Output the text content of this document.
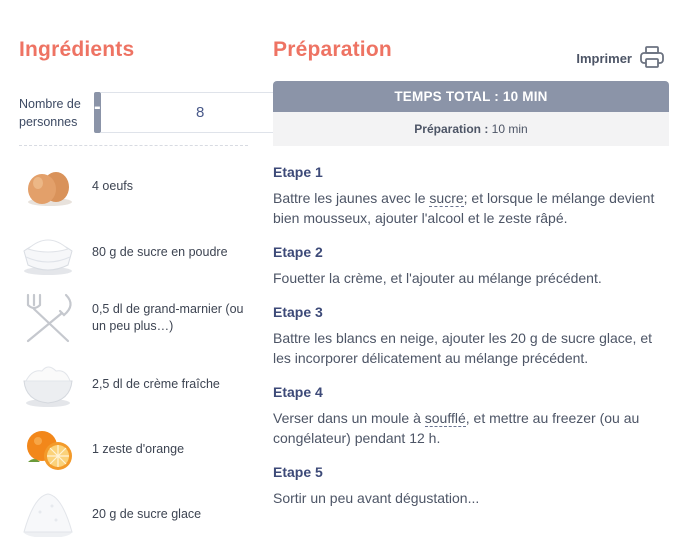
Ingrédients
Nombre de personnes
-
8
4 oeufs
80 g de sucre en poudre
0,5 dl de grand-marnier (ou un peu plus…)
2,5 dl de crème fraîche
1 zeste d'orange
20 g de sucre glace
Préparation	Imprimer
TEMPS TOTAL : 10 MIN
Préparation : 10 min
Etape 1
Battre les jaunes avec le sucre; et lorsque le mélange devient bien mousseux, ajouter l'alcool et le zeste râpé.
Etape 2
Fouetter la crème, et l'ajouter au mélange précédent.
Etape 3
Battre les blancs en neige, ajouter les 20 g de sucre glace, et les incorporer délicatement au mélange précédent.
Etape 4
Verser dans un moule à soufflé, et mettre au freezer (ou au congélateur) pendant 12 h.
Etape 5
Sortir un peu avant dégustation...
